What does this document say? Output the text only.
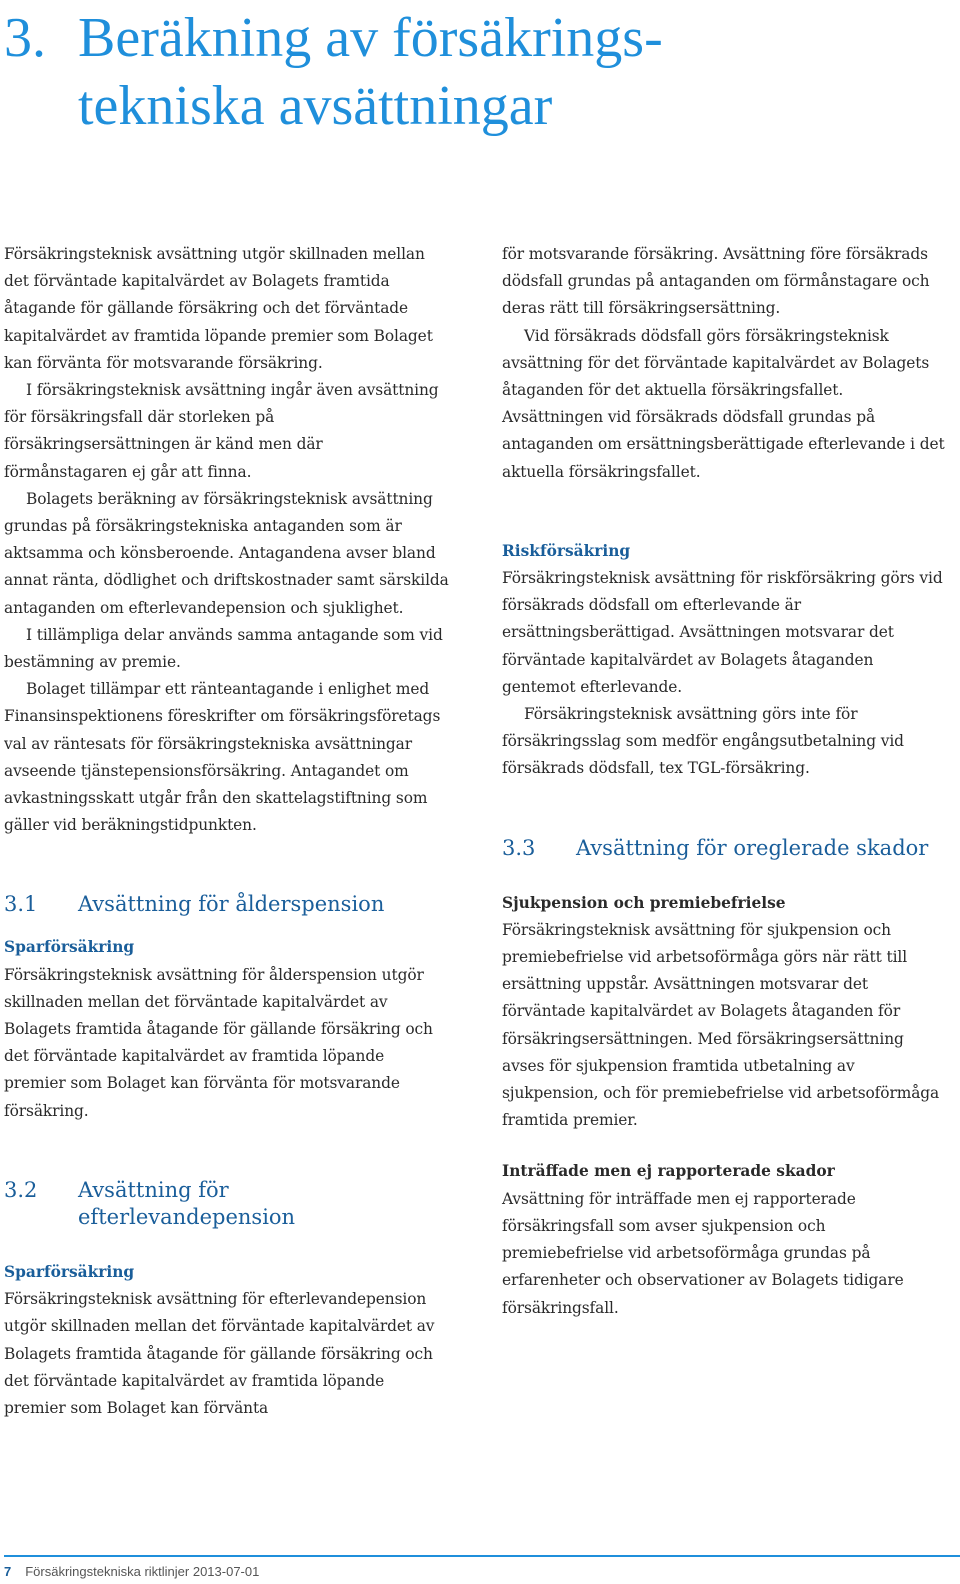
3. Beräkning av försäkrings-
tekniska avsättningar

Försäkringsteknisk avsättning utgör skillnaden mellan det förväntade kapitalvärdet av Bolagets framtida åtagande för gällande försäkring och det förväntade kapitalvärdet av framtida löpande premier som Bolaget kan förvänta för motsvarande försäkring.

I försäkringsteknisk avsättning ingår även avsättning för försäkringsfall där storleken på försäkringsersättningen är känd men där förmånstagaren ej går att finna.

Bolagets beräkning av försäkringsteknisk avsättning grundas på försäkringstekniska antaganden som är aktsamma och könsberoende. Antagandena avser bland annat ränta, dödlighet och driftskostnader samt särskilda antaganden om efterlevandepension och sjuklighet.

I tillämpliga delar används samma antagande som vid bestämning av premie.

Bolaget tillämpar ett ränteantagande i enlighet med Finansinspektionens föreskrifter om försäkringsföretags val av räntesats för försäkringstekniska avsättningar avseende tjänstepensionsförsäkring. Antagandet om avkastningsskatt utgår från den skattelagstiftning som gäller vid beräkningstidpunkten.

3.1	Avsättning för ålderspension
Sparförsäkring

Försäkringsteknisk avsättning för ålderspension utgör skillnaden mellan det förväntade kapitalvärdet av Bolagets framtida åtagande för gällande försäkring och det förväntade kapitalvärdet av framtida löpande premier som Bolaget kan förvänta för motsvarande försäkring.

3.2	Avsättning för efterlevandepension
Sparförsäkring

Försäkringsteknisk avsättning för efterlevandepension utgör skillnaden mellan det förväntade kapitalvärdet av Bolagets framtida åtagande för gällande försäkring och det förväntade kapitalvärdet av framtida löpande premier som Bolaget kan förvänta

för motsvarande försäkring. Avsättning före försäkrads dödsfall grundas på antaganden om förmånstagare och deras rätt till försäkringsersättning.

Vid försäkrads dödsfall görs försäkringsteknisk avsättning för det förväntade kapitalvärdet av Bolagets åtaganden för det aktuella försäkringsfallet. Avsättningen vid försäkrads dödsfall grundas på antaganden om ersättningsberättigade efterlevande i det aktuella försäkringsfallet.

Riskförsäkring

Försäkringsteknisk avsättning för riskförsäkring görs vid försäkrads dödsfall om efterlevande är ersättningsberättigad. Avsättningen motsvarar det förväntade kapitalvärdet av Bolagets åtaganden gentemot efterlevande.

Försäkringsteknisk avsättning görs inte för försäkringsslag som medför engångsutbetalning vid försäkrads dödsfall, tex TGL-försäkring.

3.3	Avsättning för oreglerade skador
Sjukpension och premiebefrielse

Försäkringsteknisk avsättning för sjukpension och premiebefrielse vid arbetsoförmåga görs när rätt till ersättning uppstår. Avsättningen motsvarar det förväntade kapitalvärdet av Bolagets åtaganden för försäkringsersättningen. Med försäkringsersättning avses för sjukpension framtida utbetalning av sjukpension, och för premiebefrielse vid arbetsoförmåga framtida premier.

Inträffade men ej rapporterade skador

Avsättning för inträffade men ej rapporterade försäkringsfall som avser sjukpension och premiebefrielse vid arbetsoförmåga grundas på erfarenheter och observationer av Bolagets tidigare försäkringsfall.

7 Försäkringstekniska riktlinjer 2013-07-01
